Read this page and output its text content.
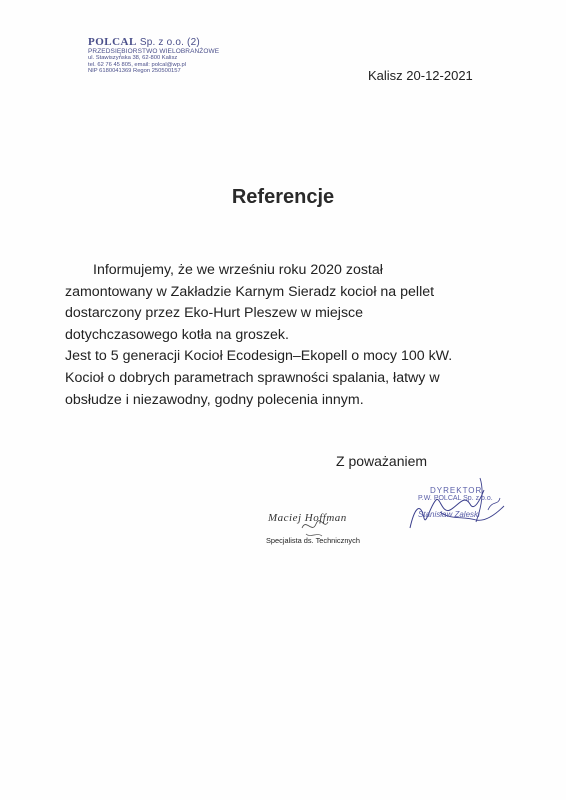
POLCAL Sp. z o.o. (2)
PRZEDSIĘBIORSTWO WIELOBRANŻOWE
ul. Stawiszyńska 38, 62-800 Kalisz
tel. 62 76 45 805, email: polcal@wp.pl
NIP 6180041369 Regon 250500157	Kalisz 20-12-2021
Referencje

Informujemy, że we wrześniu roku 2020 został

zamontowany w Zakładzie Karnym Sieradz kocioł na pellet

dostarczony przez Eko-Hurt Pleszew w miejsce

dotychczasowego kotła na groszek.

Jest to 5 generacji Kocioł Ecodesign–Ekopell o mocy 100 kW.

Kocioł o dobrych parametrach sprawności spalania, łatwy w

obsłudze i niezawodny, godny polecenia innym.

Z poważaniem
Maciej Hoffman
Specjalista ds. Technicznych
DYREKTOR
P.W. POLCAL Sp. z o.o.
Stanisław Zaleski
